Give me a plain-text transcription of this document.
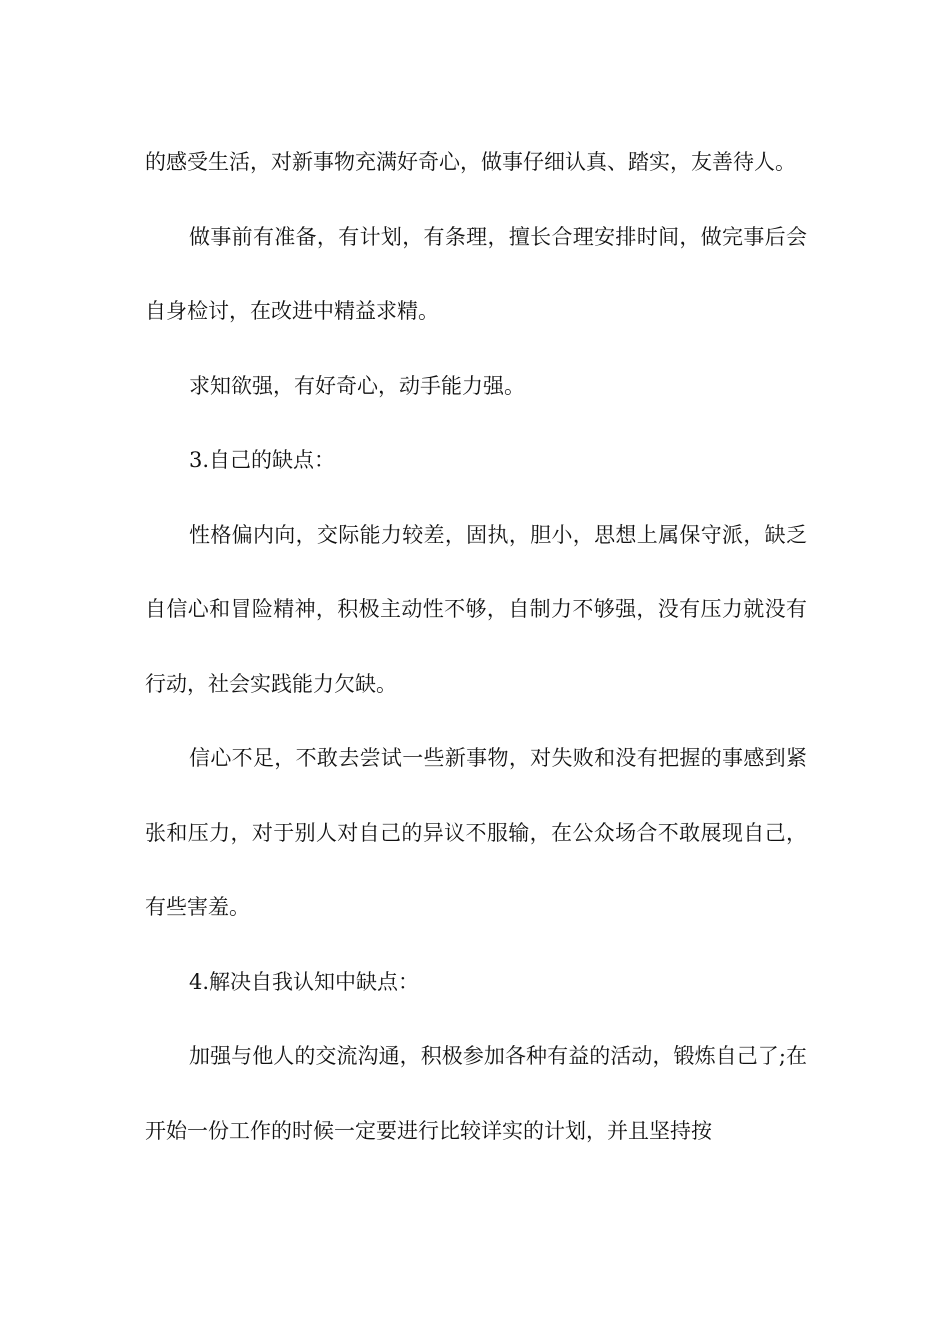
的感受生活，对新事物充满好奇心，做事仔细认真、踏实，友善待人。

做事前有准备，有计划，有条理，擅长合理安排时间，做完事后会自身检讨，在改进中精益求精。

求知欲强，有好奇心，动手能力强。

3.自己的缺点：

性格偏内向，交际能力较差，固执，胆小，思想上属保守派，缺乏自信心和冒险精神，积极主动性不够，自制力不够强，没有压力就没有行动，社会实践能力欠缺。

信心不足，不敢去尝试一些新事物，对失败和没有把握的事感到紧张和压力，对于别人对自己的异议不服输，在公众场合不敢展现自己，有些害羞。

4.解决自我认知中缺点：

加强与他人的交流沟通，积极参加各种有益的活动，锻炼自己了;在开始一份工作的时候一定要进行比较详实的计划，并且坚持按
